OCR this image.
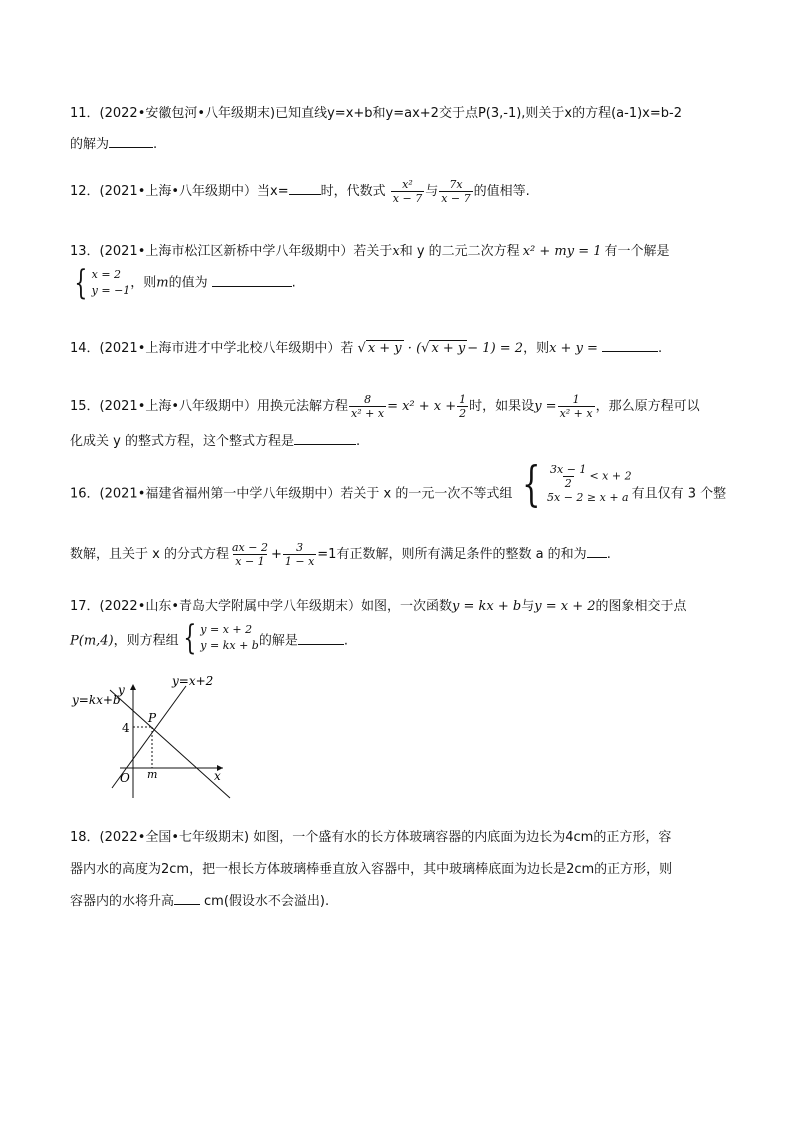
11．(2022•安徽包河•八年级期末)已知直线y=x+b和y=ax+2交于点P(3,-1),则关于x的方程(a-1)x=b-2
的解为	.
12．(2021•上海•八年级期中）当x= 时，代数式 $\frac{\text{x²}}{x - 7}$ 与 $\frac{7x}{x - 7}$ 的值相等.
13．(2021•上海市松江区新桥中学八年级期中）若关于x和 y 的二元二次方程 x² + my = 1 有一个解是
{ x = 2
y = −1 ，则m的值为	.
14．(2021•上海市进才中学北校八年级期中）若 √ x + y · (√ x + y − 1) = 2，则x + y =	.
15．(2021•上海•八年级期中）用换元法解方程 $\frac{8}{\text{x² + x}} = x^2 + x + \frac{1}{2}$ 时，如果设$y = \frac{1}{\text{x² + x}}$ ，那么原方程可以
化成关 y 的整式方程，这个整式方程是	.
16．(2021•福建省福州第一中学八年级期中）若关于 x 的一元一次不等式组 { $\frac{3x - 1}{2} < x + 2$
5x − 2 ≥ x + a 有且仅有 3 个整
数解，且关于 x 的分式方程 $\frac{ax - 2}{x - 1} + \frac{3}{1 - x} =1$有正数解，则所有满足条件的整数 a 的和为 .
17．(2022•山东•青岛大学附属中学八年级期末）如图，一次函数y = kx + b与y = x + 2的图象相交于点
P(m,4)，则方程组 { y = x + 2
y = kx + b 的解是	.
y=kx+b
y=x+2
y
x
O
P
4
m
18．(2022•全国•七年级期末) 如图，一个盛有水的长方体玻璃容器的内底面为边长为4cm的正方形，容
器内水的高度为2cm，把一根长方体玻璃棒垂直放入容器中，其中玻璃棒底面为边长是2cm的正方形，则
容器内的水将升高 cm(假设水不会溢出).
